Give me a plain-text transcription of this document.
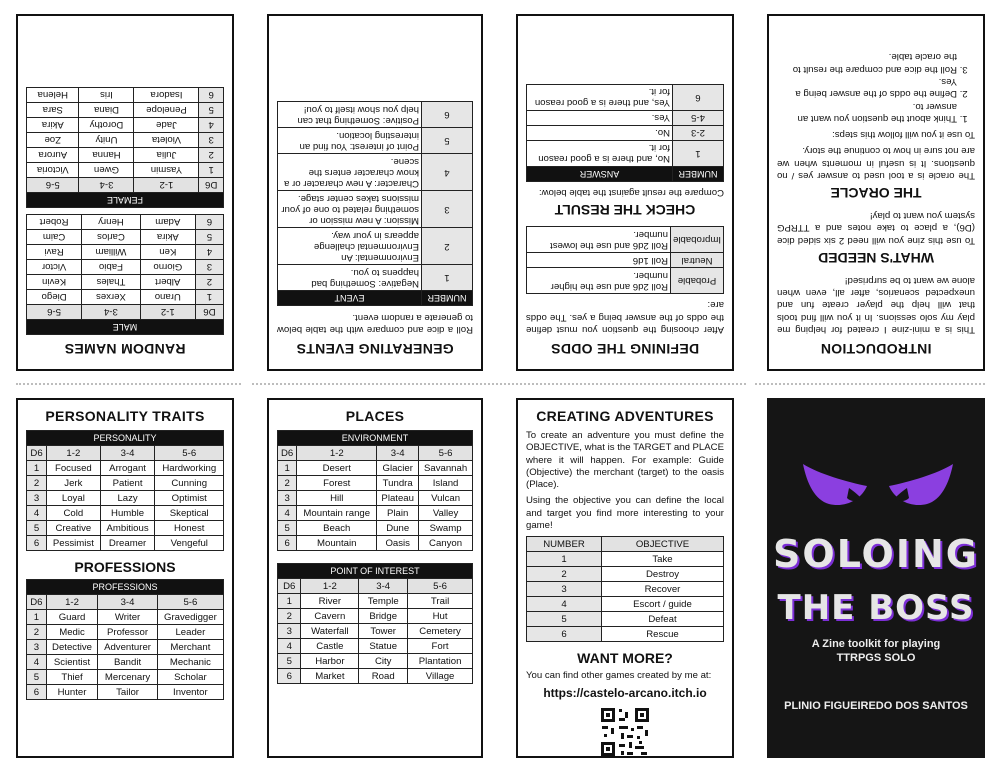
RANDOM NAMES
MALE			
D6	1-2	3-4	5-6
1	Urano	Xerxes	Diego
2	Albert	Thales	Kevin
3	Giorno	Fabio	Victor
4	Ken	William	Ravi
5	Akira	Carlos	Caim
6	Adam	Henry	Robert
FEMALE			
D6	1-2	3-4	5-6
1	Yasmin	Gwen	Victoria
2	Julia	Hanna	Aurora
3	Violeta	Unity	Zoe
4	Jade	Dorothy	Akira
5	Penelope	Diana	Sara
6	Isadora	Iris	Helena
GENERATING EVENTS

Roll a dice and compare with the table below to generate a random event.

NUMBER	EVENT
1	Negative: Something bad happens to you.
2	Environmental: An Environmental challenge appears in your way.
3	Mission: A new mission or something related to one of your missions takes center stage.
4	Character: A new character or a know character enters the scene.
5	Point of interest: You find an interesting location.
6	Positive: Something that can help you show itself to you!
DEFINING THE ODDS

After choosing the question you must define the odds of the answer being a yes. The odds are:

Probable	Roll 2d6 and use the higher number.
Neutral	Roll 1d6
Improbable	Roll 2d6 and use the lowest number.
CHECK THE RESULT

Compare the result against the table below:

NUMBER	ANSWER
1	No, and there is a good reason for it.
2-3	No.
4-5	Yes.
6	Yes, and there is a good reason for it.
INTRODUCTION

This is a mini-zine I created for helping me play my solo sessions. In it you will find tools that will help the player create fun and unexpected scenarios, after all, even when alone we want to be surprised!

WHAT'S NEEDED

To use this zine you will need 2 six sided dice (D6), a place to take notes and a TTRPG system you want to play!

THE ORACLE

The oracle is a tool used to answer yes / no questions. It is useful in moments when we are not sure in how to continue the story.

To use it you will follow this steps:

1. Think about the question you want an answer to.
2. Define the odds of the answer being a Yes.
3. Roll the dice and compare the result to the oracle table.
PERSONALITY TRAITS
PERSONALITY			
D6	1-2	3-4	5-6
1	Focused	Arrogant	Hardworking
2	Jerk	Patient	Cunning
3	Loyal	Lazy	Optimist
4	Cold	Humble	Skeptical
5	Creative	Ambitious	Honest
6	Pessimist	Dreamer	Vengeful
PROFESSIONS
PROFESSIONS			
D6	1-2	3-4	5-6
1	Guard	Writer	Gravedigger
2	Medic	Professor	Leader
3	Detective	Adventurer	Merchant
4	Scientist	Bandit	Mechanic
5	Thief	Mercenary	Scholar
6	Hunter	Tailor	Inventor
PLACES
ENVIRONMENT			
D6	1-2	3-4	5-6
1	Desert	Glacier	Savannah
2	Forest	Tundra	Island
3	Hill	Plateau	Vulcan
4	Mountain range	Plain	Valley
5	Beach	Dune	Swamp
6	Mountain	Oasis	Canyon
POINT OF INTEREST			
D6	1-2	3-4	5-6
1	River	Temple	Trail
2	Cavern	Bridge	Hut
3	Waterfall	Tower	Cemetery
4	Castle	Statue	Fort
5	Harbor	City	Plantation
6	Market	Road	Village
CREATING ADVENTURES

To create an adventure you must define the OBJECTIVE, what is the TARGET and PLACE where it will happen. For example: Guide (Objective) the merchant (target) to the oasis (Place).

Using the objective you can define the local and target you find more interesting to your game!

NUMBER	OBJECTIVE
1	Take
2	Destroy
3	Recover
4	Escort / guide
5	Defeat
6	Rescue
WANT MORE?

You can find other games created by me at:

https://castelo-arcano.itch.io
SOLOING
THE BOSS
A Zine toolkit for playing
TTRPGS SOLO
PLINIO FIGUEIREDO DOS SANTOS
